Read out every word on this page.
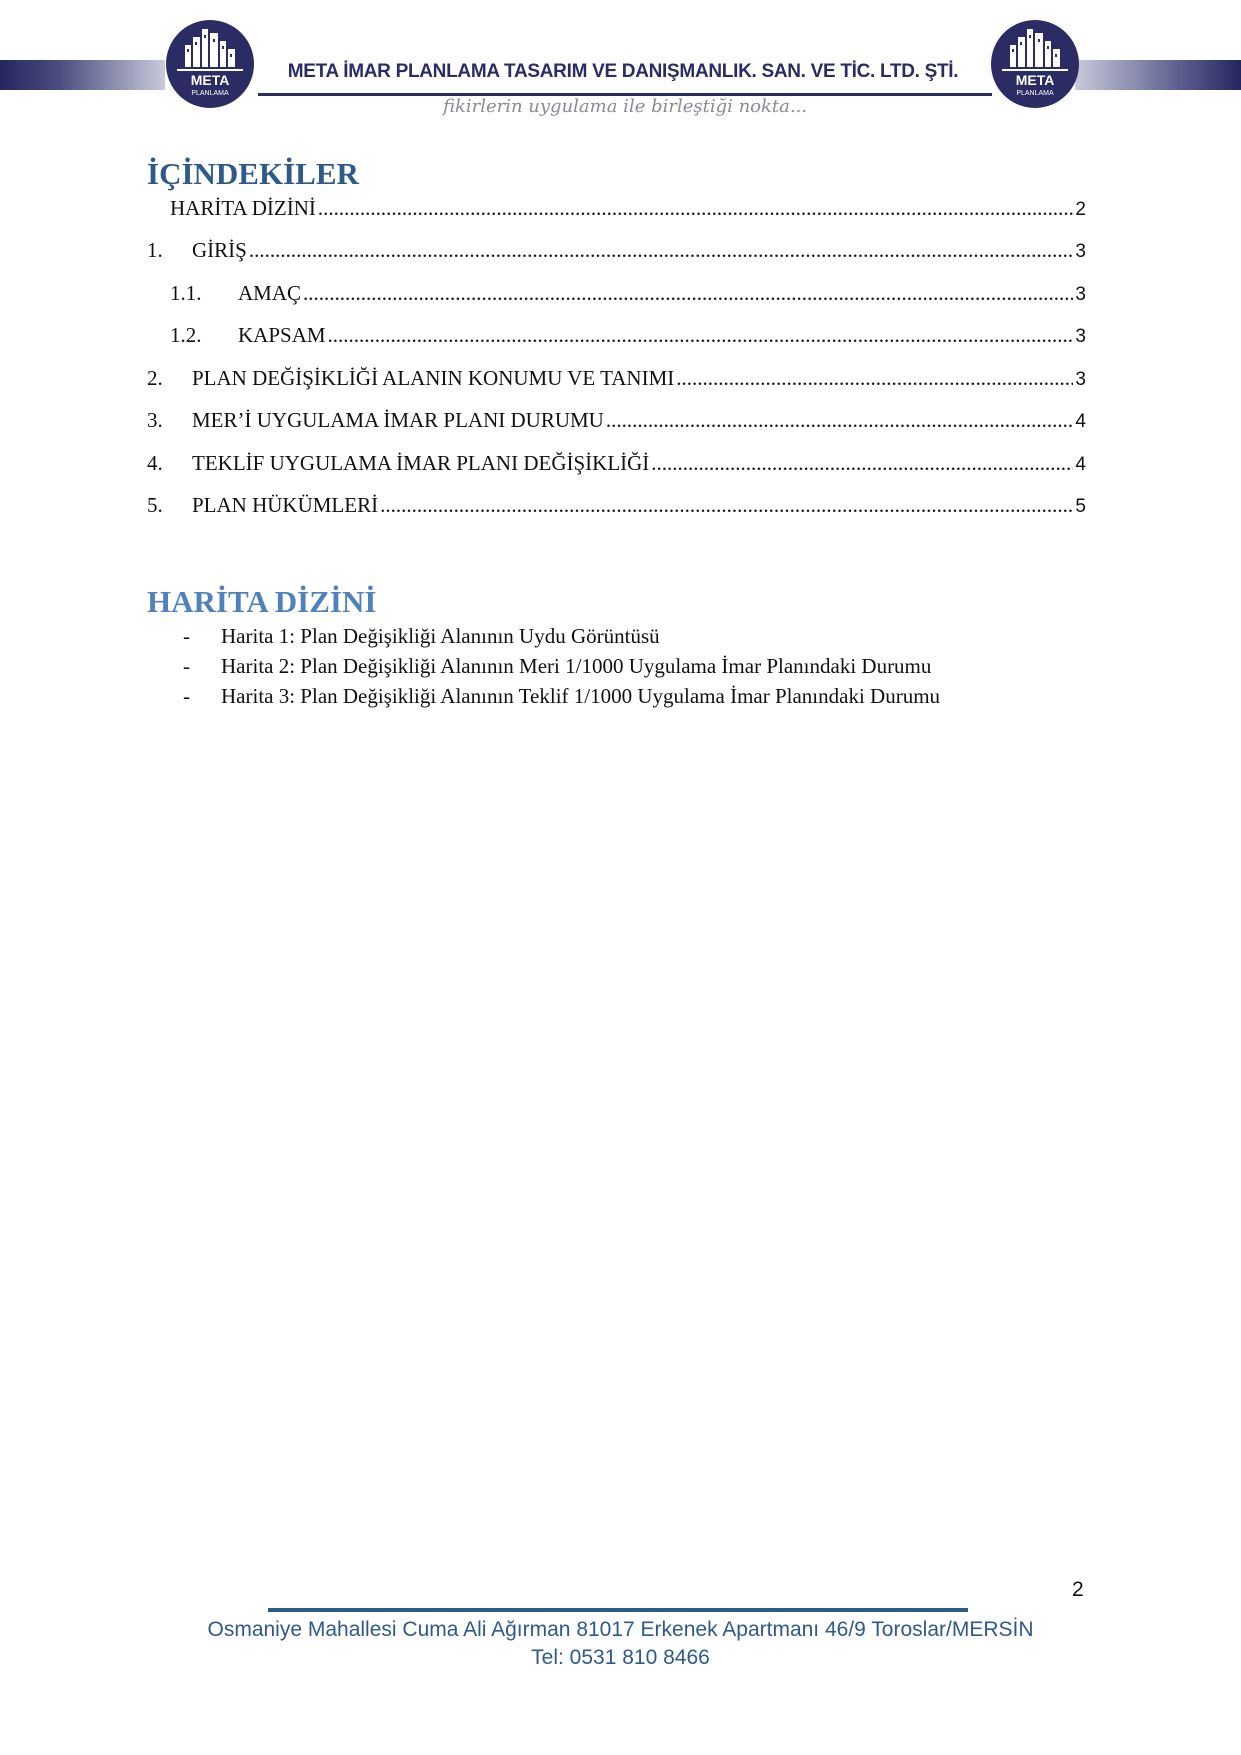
META
PLANLAMA
META
PLANLAMA
META İMAR PLANLAMA TASARIM VE DANIŞMANLIK. SAN. VE TİC. LTD. ŞTİ.
fikirlerin uygulama ile birleştiği nokta...
İÇİNDEKİLER
HARİTA DİZİNİ .....	2
1.	GİRİŞ .....	3
1.1.	AMAÇ .....	3
1.2.	KAPSAM .....	3
2.	PLAN DEĞİŞİKLİĞİ ALANIN KONUMU VE TANIMI .....	3
3.	MER’İ UYGULAMA İMAR PLANI DURUMU .....	4
4.	TEKLİF UYGULAMA İMAR PLANI DEĞİŞİKLİĞİ .....	4
5.	PLAN HÜKÜMLERİ .....	5
HARİTA DİZİNİ
-	Harita 1: Plan Değişikliği Alanının Uydu Görüntüsü
-	Harita 2: Plan Değişikliği Alanının Meri 1/1000 Uygulama İmar Planındaki Durumu
-	Harita 3: Plan Değişikliği Alanının Teklif 1/1000 Uygulama İmar Planındaki Durumu
2
Osmaniye Mahallesi Cuma Ali Ağırman 81017 Erkenek Apartmanı 46/9 Toroslar/MERSİN
Tel: 0531 810 8466
